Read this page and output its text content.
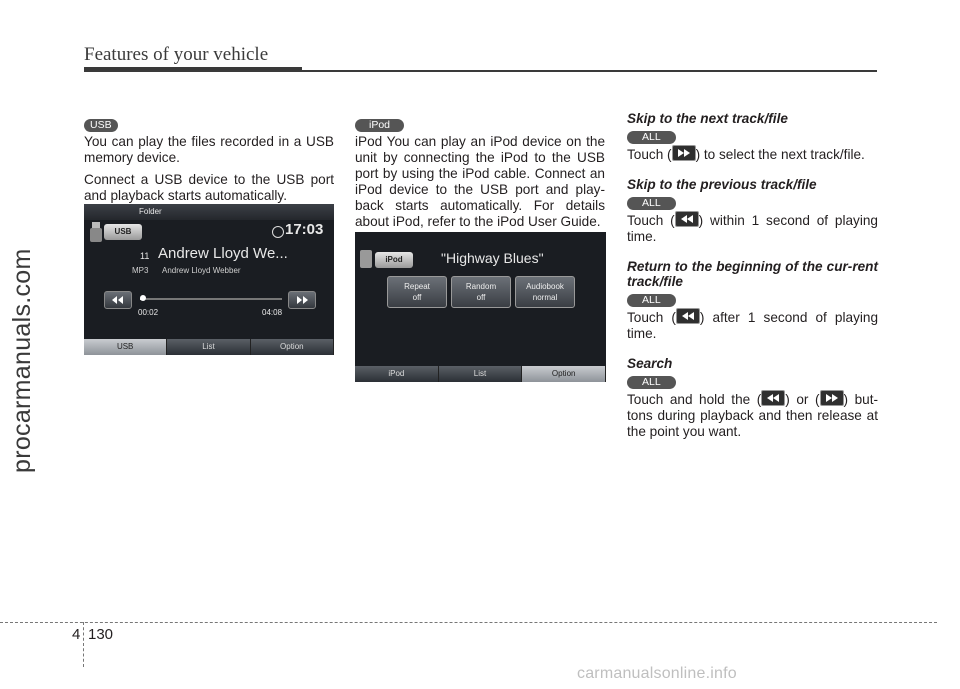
Features of your vehicle
procarmanuals.com
USB

You can play the files recorded in a USB memory device.

Connect a USB device to the USB port and playback starts automatically.

Folder
USB	17:03
11 Andrew Lloyd We...
MP3 Andrew Lloyd Webber
00:02	04:08
USB	List	Option
iPod

iPod You can play an iPod device on the unit by connecting the iPod to the USB port by using the iPod cable. Connect an iPod device to the USB port and play-back starts automatically. For details about iPod, refer to the iPod User Guide.

iPod	"Highway Blues"
Repeat
off
Random
off
Audiobook
normal
iPod	List	Option
Skip to the next track/file
ALL

Touch ( ) to select the next track/file.

Skip to the previous track/file
ALL

Touch ( ) within 1 second of playing time.

Return to the beginning of the cur-rent track/file
ALL

Touch ( ) after 1 second of playing time.

Search
ALL

Touch and hold the ( ) or ( ) but-tons during playback and then release at the point you want.

4 130
carmanualsonline.info
